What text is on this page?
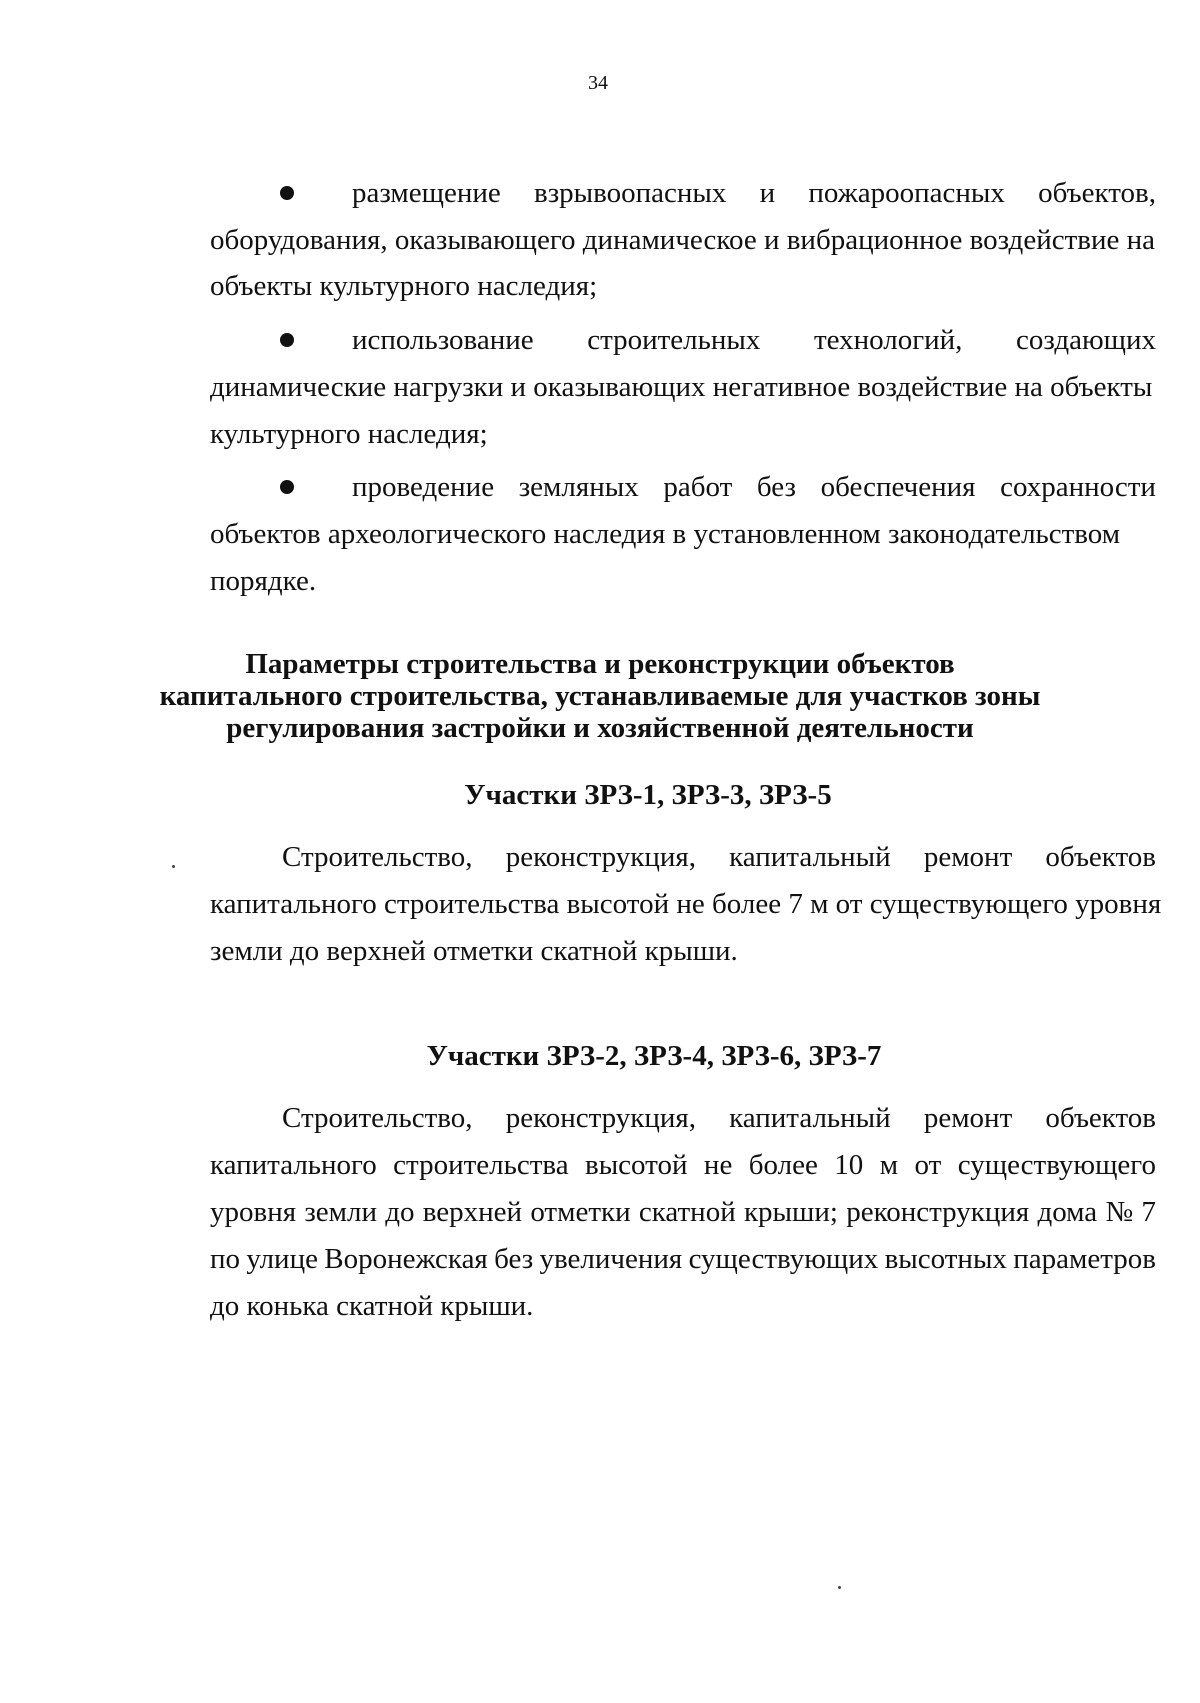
34
размещение взрывоопасных и пожароопасных объектов,
оборудования, оказывающего динамическое и вибрационное воздействие на
объекты культурного наследия;
использование строительных технологий, создающих
динамические нагрузки и оказывающих негативное воздействие на объекты
культурного наследия;
проведение земляных работ без обеспечения сохранности
объектов археологического наследия в установленном законодательством
порядке.
Параметры строительства и реконструкции объектов
капитального строительства, устанавливаемые для участков зоны
регулирования застройки и хозяйственной деятельности
Участки ЗРЗ-1, ЗРЗ-3, ЗРЗ-5
Строительство, реконструкция, капитальный ремонт объектов
капитального строительства высотой не более 7 м от существующего уровня
земли до верхней отметки скатной крыши.
Участки ЗРЗ-2, ЗРЗ-4, ЗРЗ-6, ЗРЗ-7
Строительство, реконструкция, капитальный ремонт объектов
капитального строительства высотой не более 10 м от существующего
уровня земли до верхней отметки скатной крыши; реконструкция дома № 7
по улице Воронежская без увеличения существующих высотных параметров
до конька скатной крыши.
